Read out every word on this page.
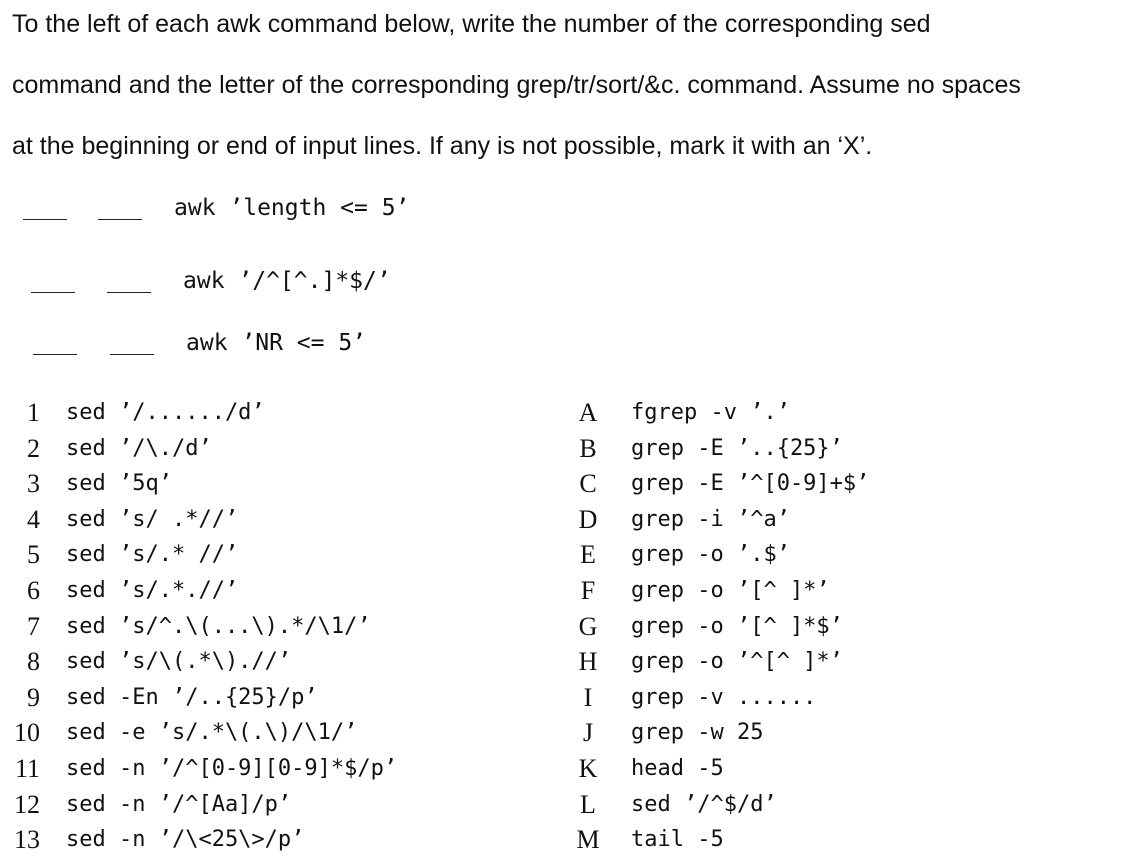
To the left of each awk command below, write the number of the corresponding sed
command and the letter of the corresponding grep/tr/sort/&c. command. Assume no spaces
at the beginning or end of input lines. If any is not possible, mark it with an ‘X’.
awk ’length <= 5’
awk ’/^[^.]*$/’
awk ’NR <= 5’
1 sed ’/....../d’
2 sed ’/\./d’
3 sed ’5q’
4 sed ’s/ .*//’
5 sed ’s/.* //’
6 sed ’s/.*.//’
7 sed ’s/^.\(...\).*/\1/’
8 sed ’s/\(.*\).//’
9 sed -En ’/..{25}/p’
10 sed -e ’s/.*\(.\)/\1/’
11 sed -n ’/^[0-9][0-9]*$/p’
12 sed -n ’/^[Aa]/p’
13 sed -n ’/\<25\>/p’
A	fgrep -v ’.’
B	grep -E ’..{25}’
C	grep -E ’^[0-9]+$’
D	grep -i ’^a’
E	grep -o ’.$’
F	grep -o ’[^ ]*’
G	grep -o ’[^ ]*$’
H	grep -o ’^[^ ]*’
I	grep -v ......
J	grep -w 25
K	head -5
L	sed ’/^$/d’
M tail -5
